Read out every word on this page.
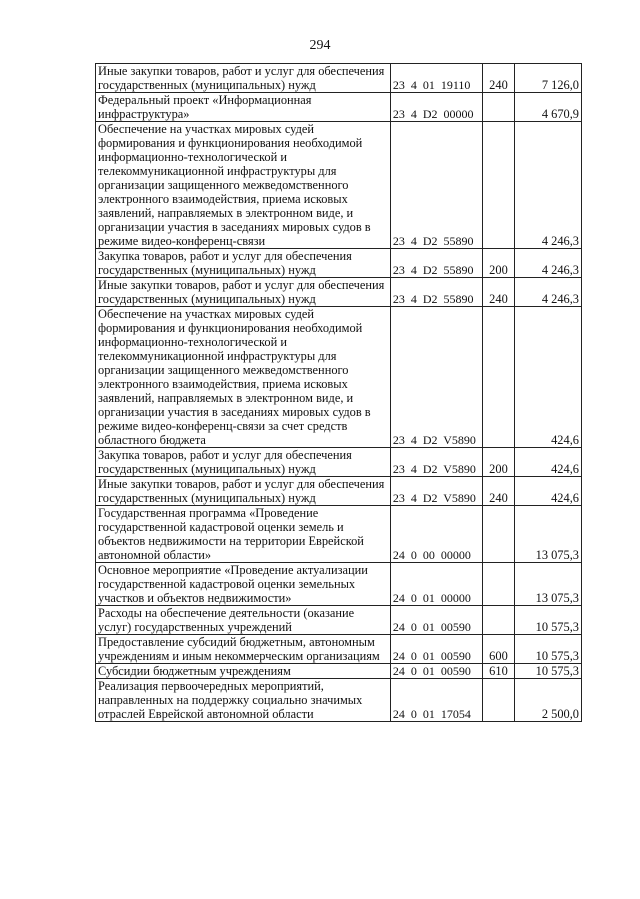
294
Иные закупки товаров, работ и услуг для обеспечения государственных (муниципальных) нужд	23  4  01  19110	240	7 126,0
Федеральный проект «Информационная инфраструктура»	23  4  D2  00000		4 670,9
Обеспечение на участках мировых судей формирования и функционирования необходимой информационно-технологической и телекоммуникационной инфраструктуры для организации защищенного межведомственного электронного взаимодействия, приема исковых заявлений, направляемых в электронном виде, и организации участия в заседаниях мировых судов в режиме видео-конференц-связи	23  4  D2  55890		4 246,3
Закупка товаров, работ и услуг для обеспечения государственных (муниципальных) нужд	23  4  D2  55890	200	4 246,3
Иные закупки товаров, работ и услуг для обеспечения государственных (муниципальных) нужд	23  4  D2  55890	240	4 246,3
Обеспечение на участках мировых судей формирования и функционирования необходимой информационно-технологической и телекоммуникационной инфраструктуры для организации защищенного межведомственного электронного взаимодействия, приема исковых заявлений, направляемых в электронном виде, и организации участия в заседаниях мировых судов в режиме видео-конференц-связи за счет средств областного бюджета	23  4  D2  V5890		424,6
Закупка товаров, работ и услуг для обеспечения государственных (муниципальных) нужд	23  4  D2  V5890	200	424,6
Иные закупки товаров, работ и услуг для обеспечения государственных (муниципальных) нужд	23  4  D2  V5890	240	424,6
Государственная программа «Проведение государственной кадастровой оценки земель и объектов недвижимости на территории Еврейской автономной области»	24  0  00  00000		13 075,3
Основное мероприятие «Проведение актуализации государственной кадастровой оценки земельных участков и объектов недвижимости»	24  0  01  00000		13 075,3
Расходы на обеспечение деятельности (оказание услуг) государственных учреждений	24  0  01  00590		10 575,3
Предоставление субсидий бюджетным, автономным учреждениям и иным некоммерческим организациям	24  0  01  00590	600	10 575,3
Субсидии бюджетным учреждениям	24  0  01  00590	610	10 575,3
Реализация первоочередных мероприятий, направленных на поддержку социально значимых отраслей Еврейской автономной области	24  0  01  17054		2 500,0
